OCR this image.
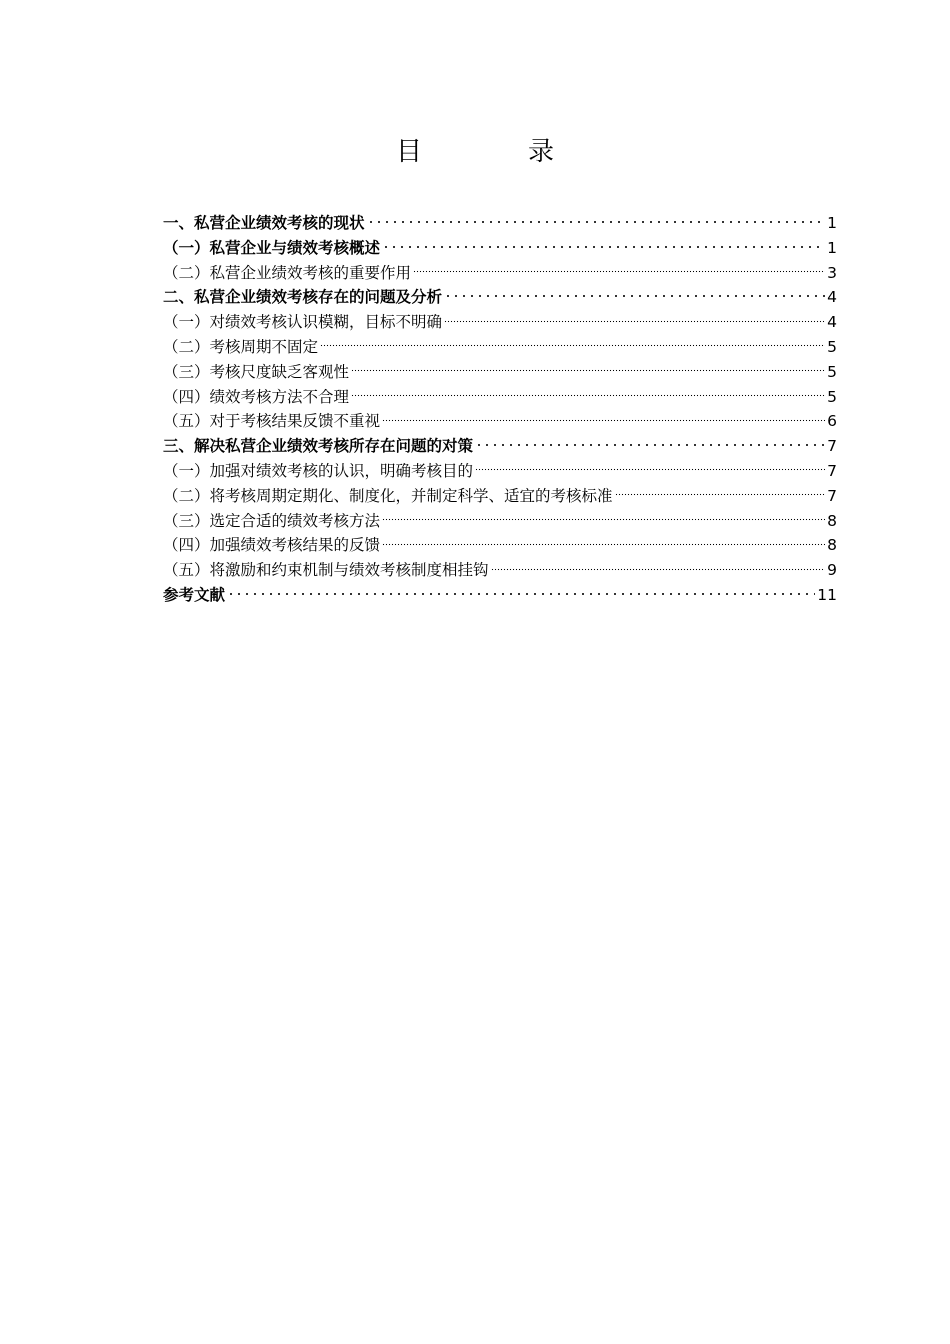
目　录
一、私营企业绩效考核的现状	1
（一）私营企业与绩效考核概述	1
（二）私营企业绩效考核的重要作用	3
二、私营企业绩效考核存在的问题及分析	4
（一）对绩效考核认识模糊，目标不明确	4
（二）考核周期不固定	5
（三）考核尺度缺乏客观性	5
（四）绩效考核方法不合理	5
（五）对于考核结果反馈不重视	6
三、解决私营企业绩效考核所存在问题的对策	7
（一）加强对绩效考核的认识，明确考核目的	7
（二）将考核周期定期化、制度化，并制定科学、适宜的考核标准	7
（三）选定合适的绩效考核方法	8
（四）加强绩效考核结果的反馈	8
（五）将激励和约束机制与绩效考核制度相挂钩	9
参考文献	11
